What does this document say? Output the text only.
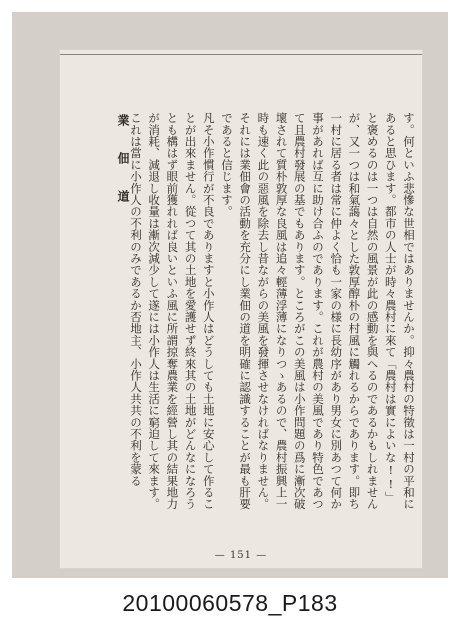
業 佃 道	す。何といふ悲慘な世相ではありませんか。抑々農村の特徵は一村の平和にあると思ひます。都市の人士が時々農村に來て「農村は實によいな!!」と褒めるのは一つは自然の風景が此の感動を與へるのであるかもしれませんが、又一つは和氣藹々とした敦厚醇朴の村風に觸れるからであります。即ち一村に居る者は常に仲よく恰も一家の様に長幼序があり男女に別あつて何か事があれば互に助け合ふのであります。これが農村の美風であり特色であつて且農村發展の基でもあります。ところがこの美風は小作問題の爲に漸次破壞されて質朴敦厚な良風は追々輕薄浮薄になりつゝあるので、農村振興上一時も速く此の惡風を除去し昔ながらの美風を發揮させなければなりません。それには業佃會の活動を充分にし業佃の道を明確に認識することが最も肝要であると信じます。

凡そ小作慣行が不良でありますと小作人はどうしても土地に安心して作ることが出來ません。從つて其の土地を愛護せず終來其の土地がどんなになろうとも構はず眼前獲れれば良いといふ風に所謂掠奪農業を經營し其の結果地力が消耗、減退し收量は漸次減少して遂には小作人は生活に窮迫して來ます。これは當に小作人の不利のみであるか否地主、小作人共共の不利を蒙る

— 151 —
20100060578_P183
